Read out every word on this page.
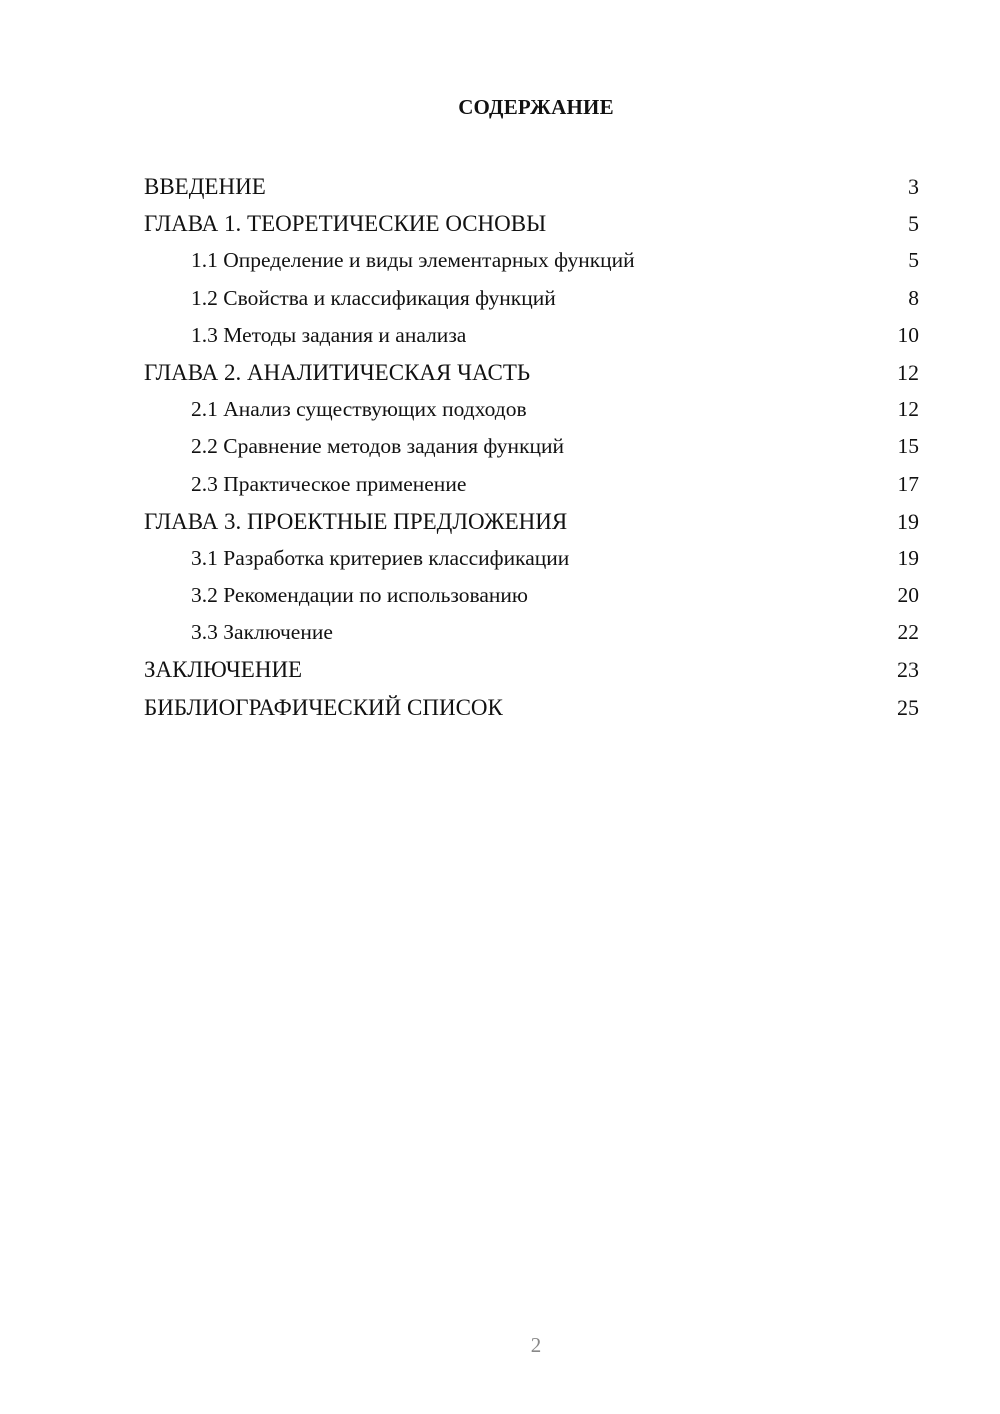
СОДЕРЖАНИЕ
ВВЕДЕНИЕ	3
ГЛАВА 1. ТЕОРЕТИЧЕСКИЕ ОСНОВЫ	5
1.1 Определение и виды элементарных функций	5
1.2 Свойства и классификация функций	8
1.3 Методы задания и анализа	10
ГЛАВА 2. АНАЛИТИЧЕСКАЯ ЧАСТЬ	12
2.1 Анализ существующих подходов	12
2.2 Сравнение методов задания функций	15
2.3 Практическое применение	17
ГЛАВА 3. ПРОЕКТНЫЕ ПРЕДЛОЖЕНИЯ	19
3.1 Разработка критериев классификации	19
3.2 Рекомендации по использованию	20
3.3 Заключение	22
ЗАКЛЮЧЕНИЕ	23
БИБЛИОГРАФИЧЕСКИЙ СПИСОК	25
2
